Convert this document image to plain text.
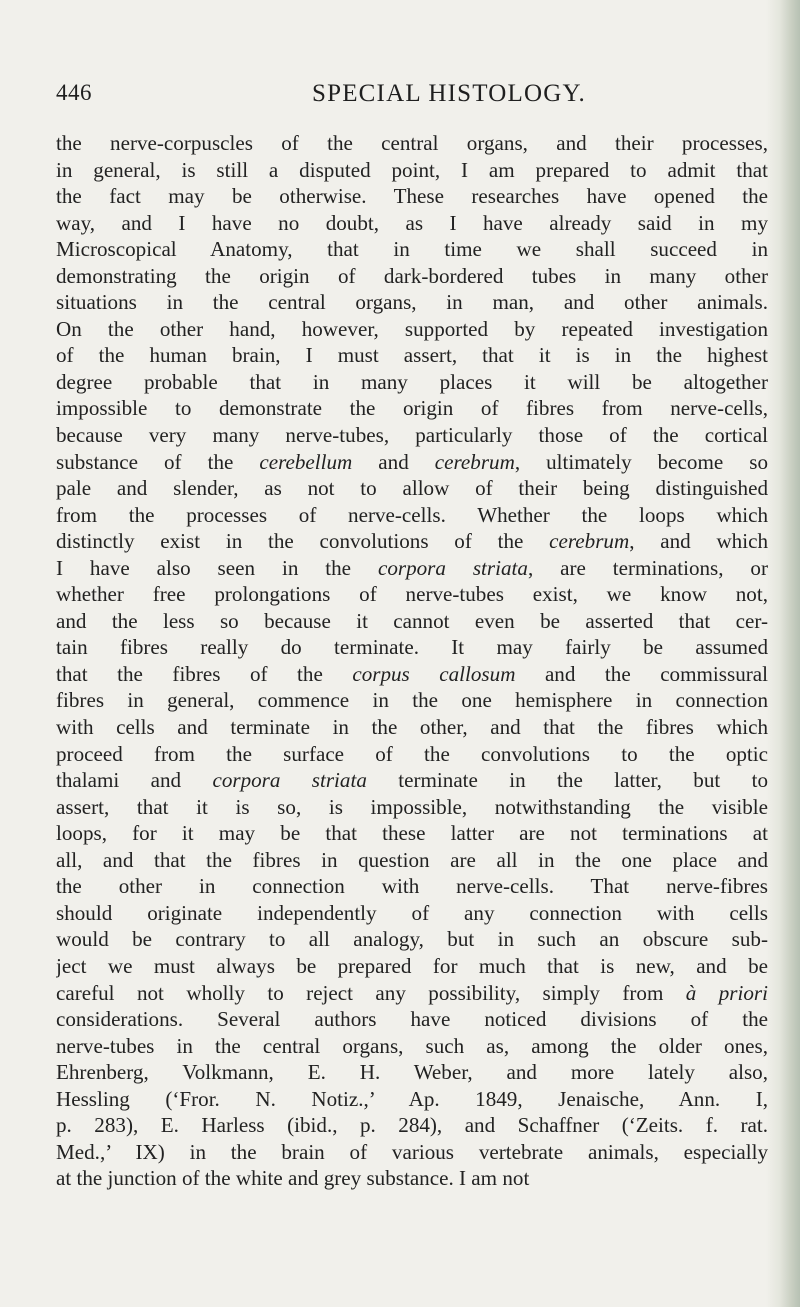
446	SPECIAL HISTOLOGY.
the nerve-corpuscles of the central organs, and their processes,
in general, is still a disputed point, I am prepared to admit that
the fact may be otherwise. These researches have opened the
way, and I have no doubt, as I have already said in my
Microscopical Anatomy, that in time we shall succeed in
demonstrating the origin of dark-bordered tubes in many other
situations in the central organs, in man, and other animals.
On the other hand, however, supported by repeated investigation
of the human brain, I must assert, that it is in the highest
degree probable that in many places it will be altogether
impossible to demonstrate the origin of fibres from nerve-cells,
because very many nerve-tubes, particularly those of the cortical
substance of the cerebellum and cerebrum, ultimately become so
pale and slender, as not to allow of their being distinguished
from the processes of nerve-cells. Whether the loops which
distinctly exist in the convolutions of the cerebrum, and which
I have also seen in the corpora striata, are terminations, or
whether free prolongations of nerve-tubes exist, we know not,
and the less so because it cannot even be asserted that cer-
tain fibres really do terminate. It may fairly be assumed
that the fibres of the corpus callosum and the commissural
fibres in general, commence in the one hemisphere in connection
with cells and terminate in the other, and that the fibres which
proceed from the surface of the convolutions to the optic
thalami and corpora striata terminate in the latter, but to
assert, that it is so, is impossible, notwithstanding the visible
loops, for it may be that these latter are not terminations at
all, and that the fibres in question are all in the one place and
the other in connection with nerve-cells. That nerve-fibres
should originate independently of any connection with cells
would be contrary to all analogy, but in such an obscure sub-
ject we must always be prepared for much that is new, and be
careful not wholly to reject any possibility, simply from à priori
considerations. Several authors have noticed divisions of the
nerve-tubes in the central organs, such as, among the older ones,
Ehrenberg, Volkmann, E. H. Weber, and more lately also,
Hessling (‘Fror. N. Notiz.,’ Ap. 1849, Jenaische, Ann. I,
p. 283), E. Harless (ibid., p. 284), and Schaffner (‘Zeits. f. rat.
Med.,’ IX) in the brain of various vertebrate animals, especially
at the junction of the white and grey substance. I am not
